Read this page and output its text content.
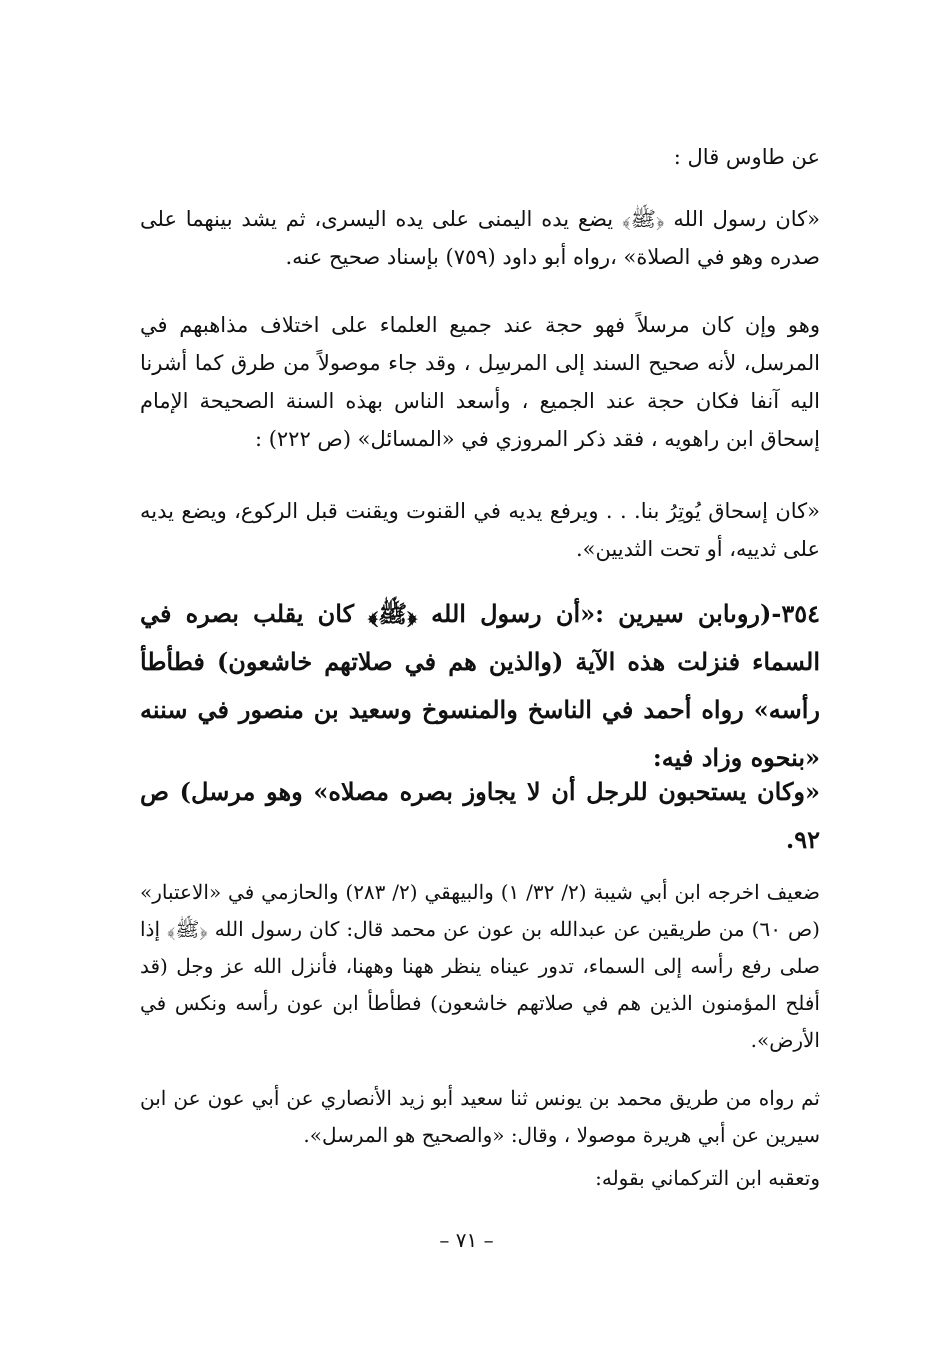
عن طاوس قال :

«كان رسول الله ﴿ﷺ﴾ يضع يده اليمنى على يده اليسرى، ثم يشد بينهما على صدره وهو في الصلاة» ،رواه أبو داود (٧٥٩) بإسناد صحيح عنه.

وهو وإن كان مرسلاً فهو حجة عند جميع العلماء على اختلاف مذاهبهم في المرسل، لأنه صحيح السند إلى المرسِل ، وقد جاء موصولاً من طرق كما أشرنا اليه آنفا فكان حجة عند الجميع ، وأسعد الناس بهذه السنة الصحيحة الإمام إسحاق ابن راهويه ، فقد ذكر المروزي في «المسائل» (ص ٢٢٢) :

«كان إسحاق يُوتِرُ بنا. . . ويرفع يديه في القنوت ويقنت قبل الركوع، ويضع يديه على ثدييه، أو تحت الثديين».

٣٥٤-(روىابن سيرين :«أن رسول الله ﴿ﷺ﴾ كان يقلب بصره في السماء فنزلت هذه الآية (والذين هم في صلاتهم خاشعون) فطأطأ رأسه» رواه أحمد في الناسخ والمنسوخ وسعيد بن منصور في سننه «بنحوه وزاد فيه:

«وكان يستحبون للرجل أن لا يجاوز بصره مصلاه» وهو مرسل) ص ٩٢.

ضعيف اخرجه ابن أبي شيبة (٢/ ٣٢/ ١) والبيهقي (٢/ ٢٨٣) والحازمي في «الاعتبار» (ص ٦٠) من طريقين عن عبدالله بن عون عن محمد قال: كان رسول الله ﴿ﷺ﴾ إذا صلى رفع رأسه إلى السماء، تدور عيناه ينظر ههنا وههنا، فأنزل الله عز وجل (قد أفلح المؤمنون الذين هم في صلاتهم خاشعون) فطأطأ ابن عون رأسه ونكس في الأرض».

ثم رواه من طريق محمد بن يونس ثنا سعيد أبو زيد الأنصاري عن أبي عون عن ابن سيرين عن أبي هريرة موصولا ، وقال: «والصحيح هو المرسل».

وتعقبه ابن التركماني بقوله:

– ٧١ –
